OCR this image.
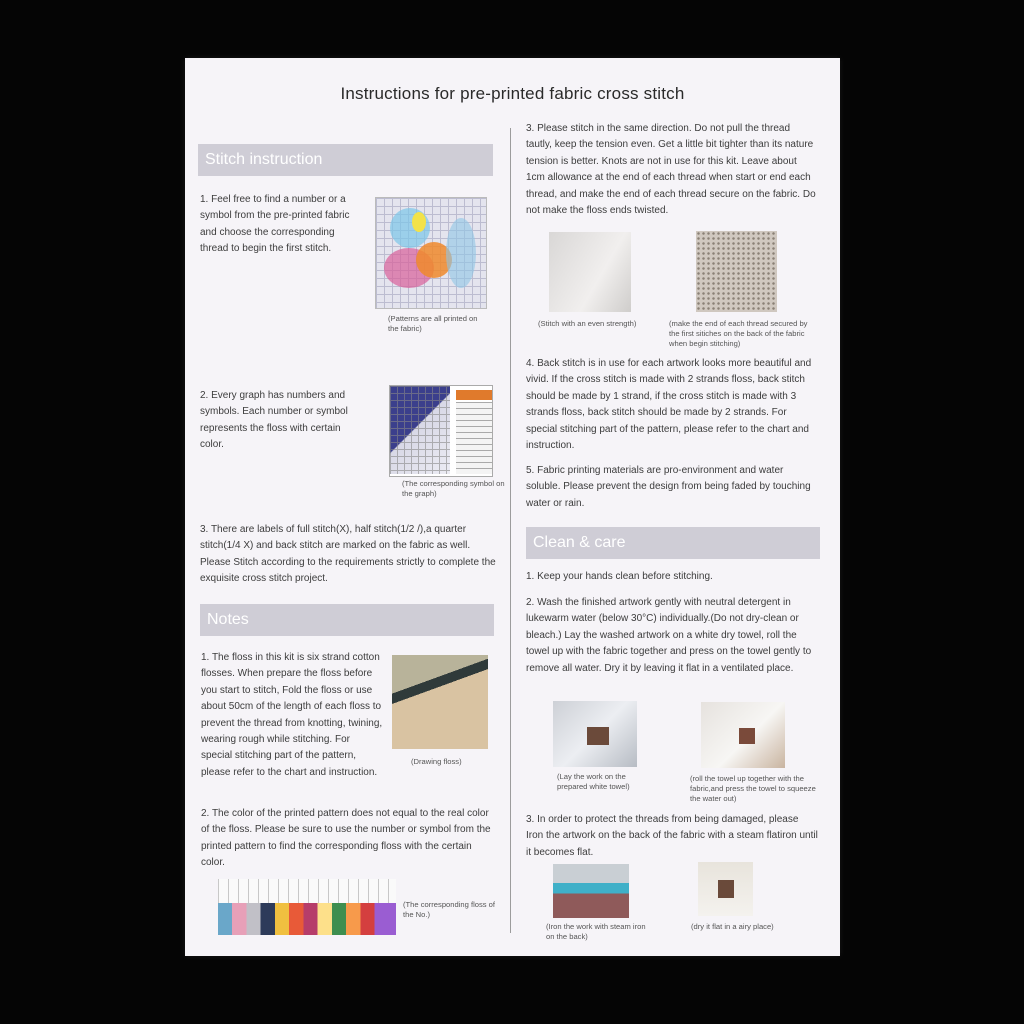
Instructions for pre-printed fabric cross stitch
Stitch instruction

1. Feel free to find a number or a symbol from the pre-printed fabric and choose the corresponding thread to begin the first stitch.

(Patterns are all printed on the fabric)

2. Every graph has numbers and symbols. Each number or symbol represents the floss with certain color.

(The corresponding symbol on the graph)

3. There are labels of full stitch(X), half stitch(1/2 /),a quarter stitch(1/4 X) and back stitch are marked on the fabric as well. Please Stitch according to the requirements strictly to complete the exquisite cross stitch project.

Notes

1. The floss in this kit is six strand cotton flosses. When prepare the floss before you start to stitch, Fold the floss or use about 50cm of the length of each floss to prevent the thread from knotting, twining, wearing rough while stitching. For special stitching part of the pattern, please refer to the chart and instruction.

(Drawing floss)

2. The color of the printed pattern does not equal to the real color of the floss. Please be sure to use the number or symbol from the printed pattern to find the corresponding floss with the certain color.

(The corresponding floss of the No.)

3. Please stitch in the same direction. Do not pull the thread tautly, keep the tension even. Get a little bit tighter than its nature tension is better. Knots are not in use for this kit. Leave about 1cm allowance at the end of each thread when start or end each thread, and make the end of each thread secure on the fabric. Do not make the floss ends twisted.

(Stitch with an even strength)	(make the end of each thread secured by the first sitiches on the back of the fabric when begin stitching)

4. Back stitch is in use for each artwork looks more beautiful and vivid. If the cross stitch is made with 2 strands floss, back stitch should be made by 1 strand, if the cross stitch is made with 3 strands floss, back stitch should be made by 2 strands. For special stitching part of the pattern, please refer to the chart and instruction.

5. Fabric printing materials are pro-environment and water soluble. Please prevent the design from being faded by touching water or rain.

Clean & care

1. Keep your hands clean before stitching.

2. Wash the finished artwork gently with neutral detergent in lukewarm water (below 30°C) individually.(Do not dry-clean or bleach.) Lay the washed artwork on a white dry towel, roll the towel up with the fabric together and press on the towel gently to remove all water. Dry it by leaving it flat in a ventilated place.

(Lay the work on the prepared white towel)

(roll the towel up together with the fabric,and press the towel to squeeze the water out)

3. In order to protect the threads from being damaged, please Iron the artwork on the back of the fabric with a steam flatiron until it becomes flat.

(Iron the work with steam iron on the back)

(dry it flat in a airy place)
